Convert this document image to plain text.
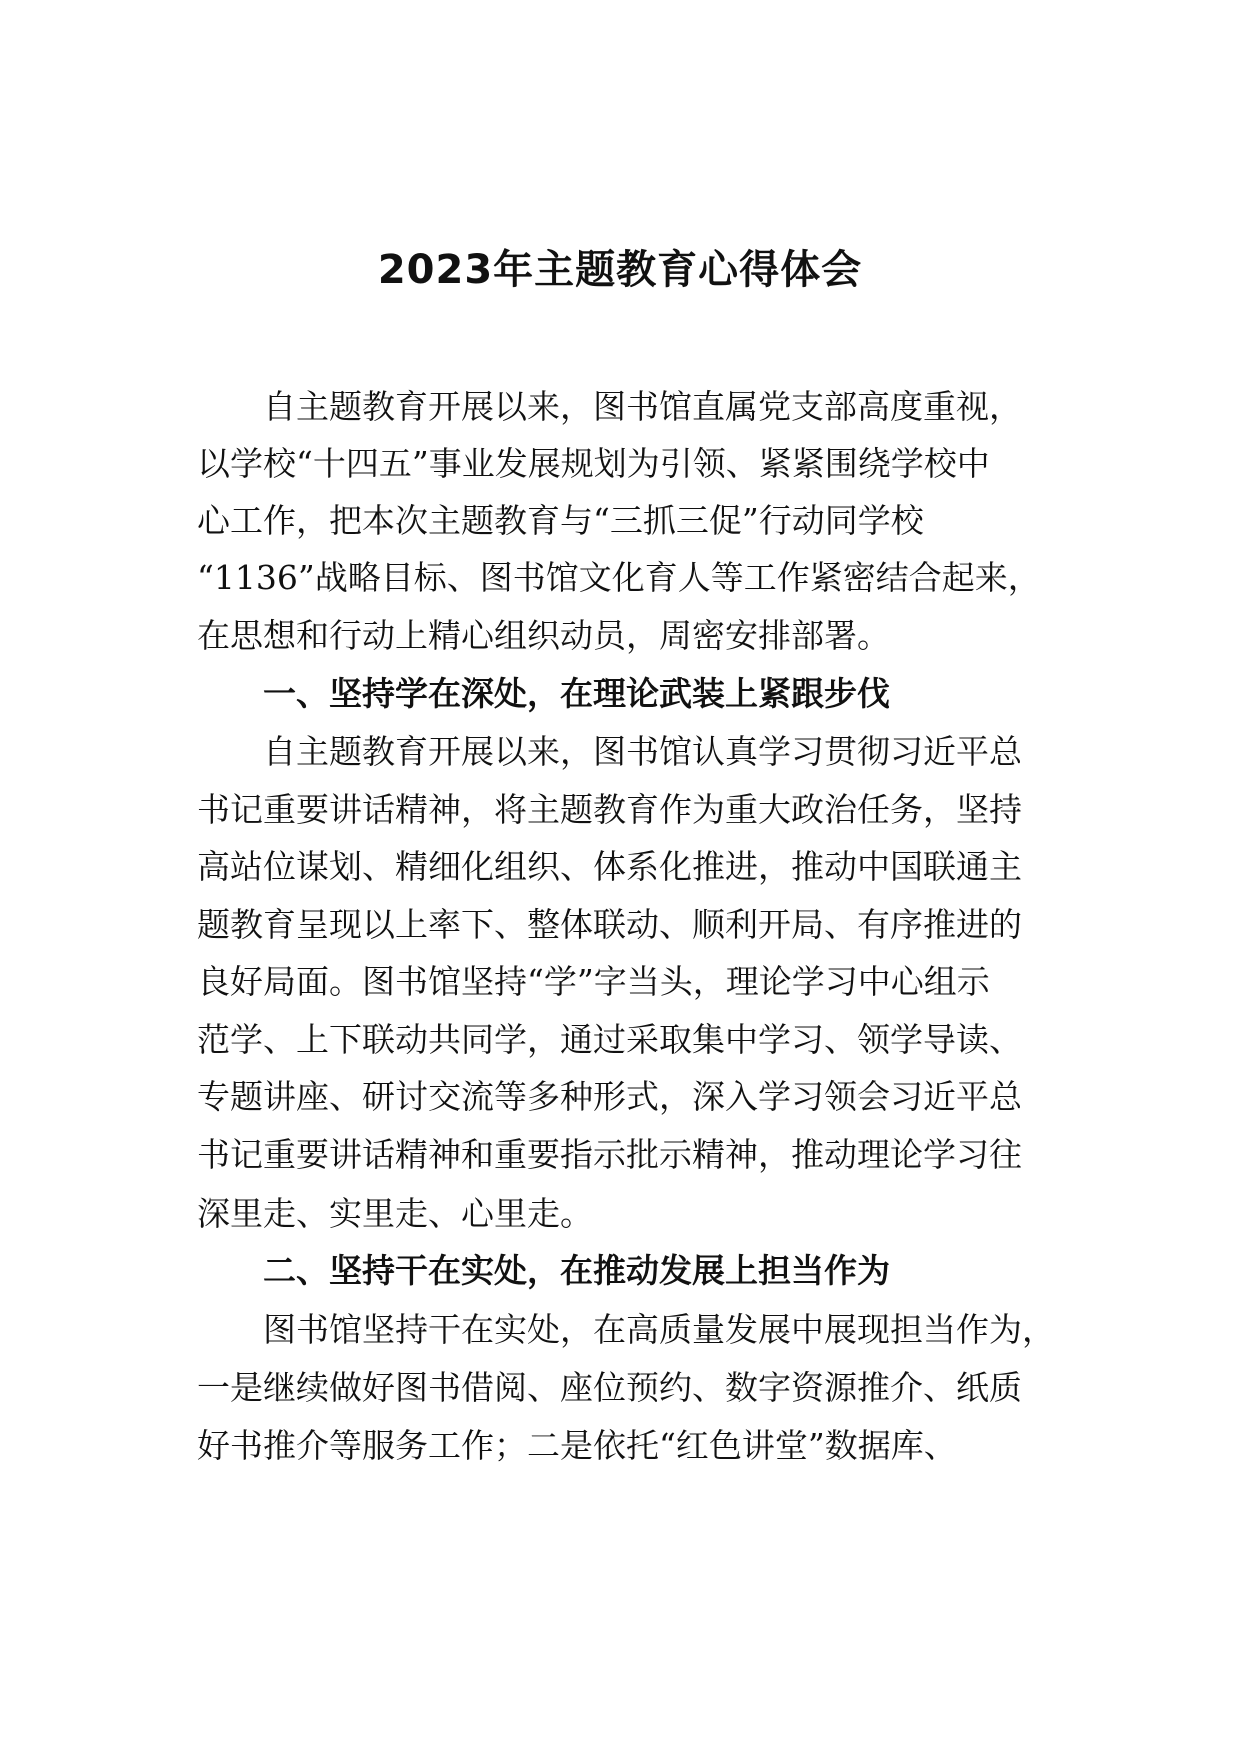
2023年主题教育心得体会
自主题教育开展以来，图书馆直属党支部高度重视，
以学校“十四五”事业发展规划为引领、紧紧围绕学校中
心工作，把本次主题教育与“三抓三促”行动同学校
“1136”战略目标、图书馆文化育人等工作紧密结合起来，
在思想和行动上精心组织动员，周密安排部署。
一、坚持学在深处，在理论武装上紧跟步伐
自主题教育开展以来，图书馆认真学习贯彻习近平总
书记重要讲话精神，将主题教育作为重大政治任务，坚持
高站位谋划、精细化组织、体系化推进，推动中国联通主
题教育呈现以上率下、整体联动、顺利开局、有序推进的
良好局面。图书馆坚持“学”字当头，理论学习中心组示
范学、上下联动共同学，通过采取集中学习、领学导读、
专题讲座、研讨交流等多种形式，深入学习领会习近平总
书记重要讲话精神和重要指示批示精神，推动理论学习往
深里走、实里走、心里走。
二、坚持干在实处，在推动发展上担当作为
图书馆坚持干在实处，在高质量发展中展现担当作为，
一是继续做好图书借阅、座位预约、数字资源推介、纸质
好书推介等服务工作；二是依托“红色讲堂”数据库、
